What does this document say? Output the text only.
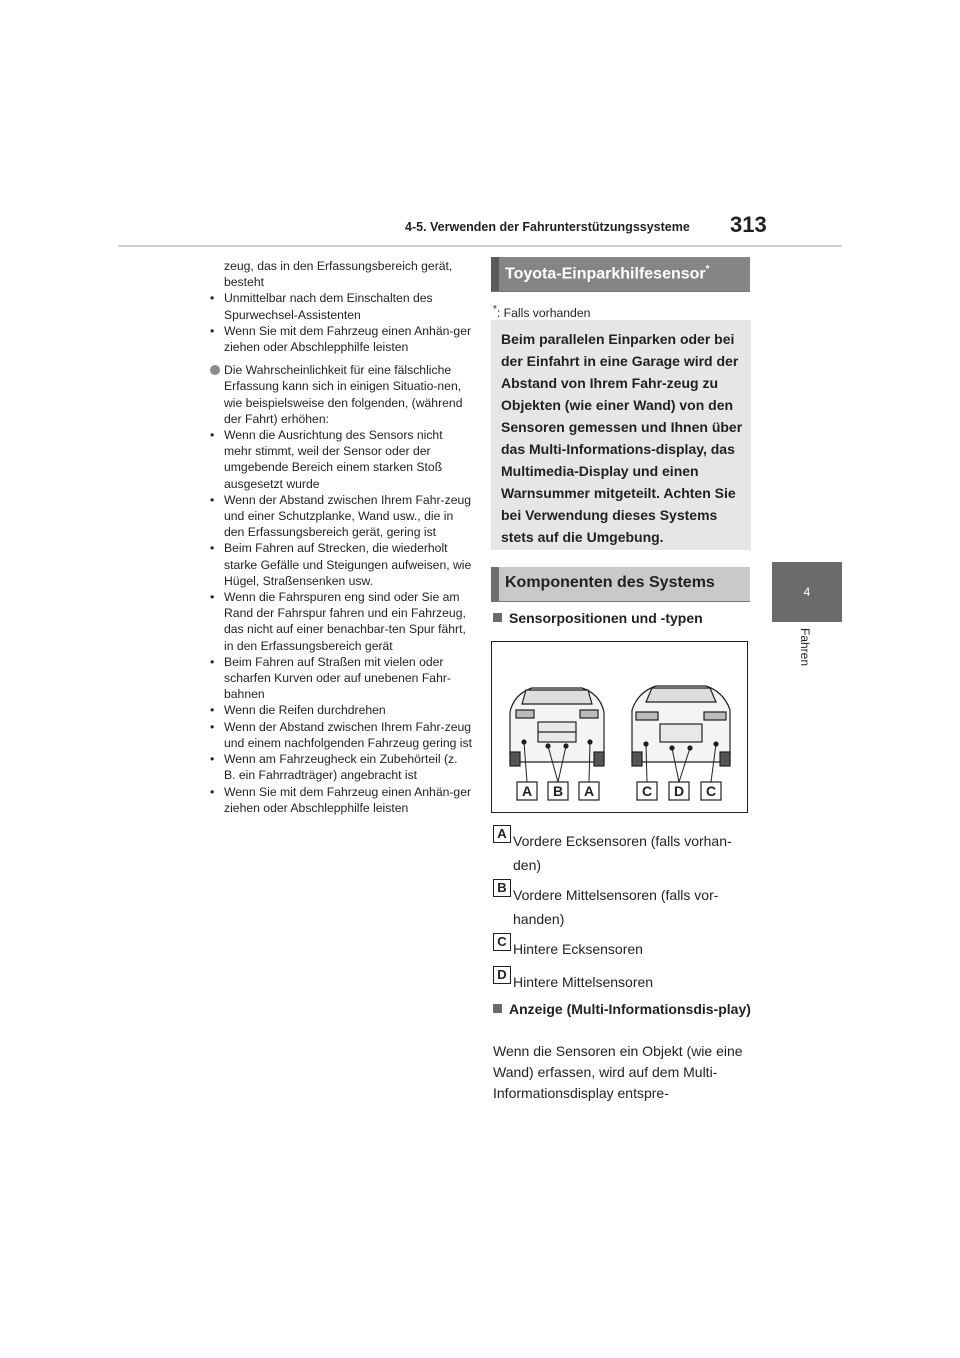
4-5. Verwenden der Fahrunterstützungssysteme 313
4
Fahren

zeug, das in den Erfassungsbereich gerät, besteht

• Unmittelbar nach dem Einschalten des Spurwechsel-Assistenten

• Wenn Sie mit dem Fahrzeug einen Anhän-ger ziehen oder Abschlepphilfe leisten

Die Wahrscheinlichkeit für eine fälschliche Erfassung kann sich in einigen Situatio-nen, wie beispielsweise den folgenden, (während der Fahrt) erhöhen:

• Wenn die Ausrichtung des Sensors nicht mehr stimmt, weil der Sensor oder der umgebende Bereich einem starken Stoß ausgesetzt wurde

• Wenn der Abstand zwischen Ihrem Fahr-zeug und einer Schutzplanke, Wand usw., die in den Erfassungsbereich gerät, gering ist

• Beim Fahren auf Strecken, die wiederholt starke Gefälle und Steigungen aufweisen, wie Hügel, Straßensenken usw.

• Wenn die Fahrspuren eng sind oder Sie am Rand der Fahrspur fahren und ein Fahrzeug, das nicht auf einer benachbar-ten Spur fährt, in den Erfassungsbereich gerät

• Beim Fahren auf Straßen mit vielen oder scharfen Kurven oder auf unebenen Fahr-bahnen

• Wenn die Reifen durchdrehen

• Wenn der Abstand zwischen Ihrem Fahr-zeug und einem nachfolgenden Fahrzeug gering ist

• Wenn am Fahrzeugheck ein Zubehörteil (z. B. ein Fahrradträger) angebracht ist

• Wenn Sie mit dem Fahrzeug einen Anhän-ger ziehen oder Abschlepphilfe leisten

Toyota-Einparkhilfesensor*
*: Falls vorhanden

Beim parallelen Einparken oder bei der Einfahrt in eine Garage wird der Abstand von Ihrem Fahr-zeug zu Objekten (wie einer Wand) von den Sensoren gemessen und Ihnen über das Multi-Informations-display, das Multimedia-Display und einen Warnsummer mitgeteilt. Achten Sie bei Verwendung dieses Systems stets auf die Umgebung.

Komponenten des Systems
Sensorpositionen und -typen
A B A	C D C
A Vordere Ecksensoren (falls vorhan-den)
B Vordere Mittelsensoren (falls vor-handen)
C Hintere Ecksensoren
D Hintere Mittelsensoren
Anzeige (Multi-Informationsdis-play)
Wenn die Sensoren ein Objekt (wie eine Wand) erfassen, wird auf dem Multi-Informationsdisplay entspre-
